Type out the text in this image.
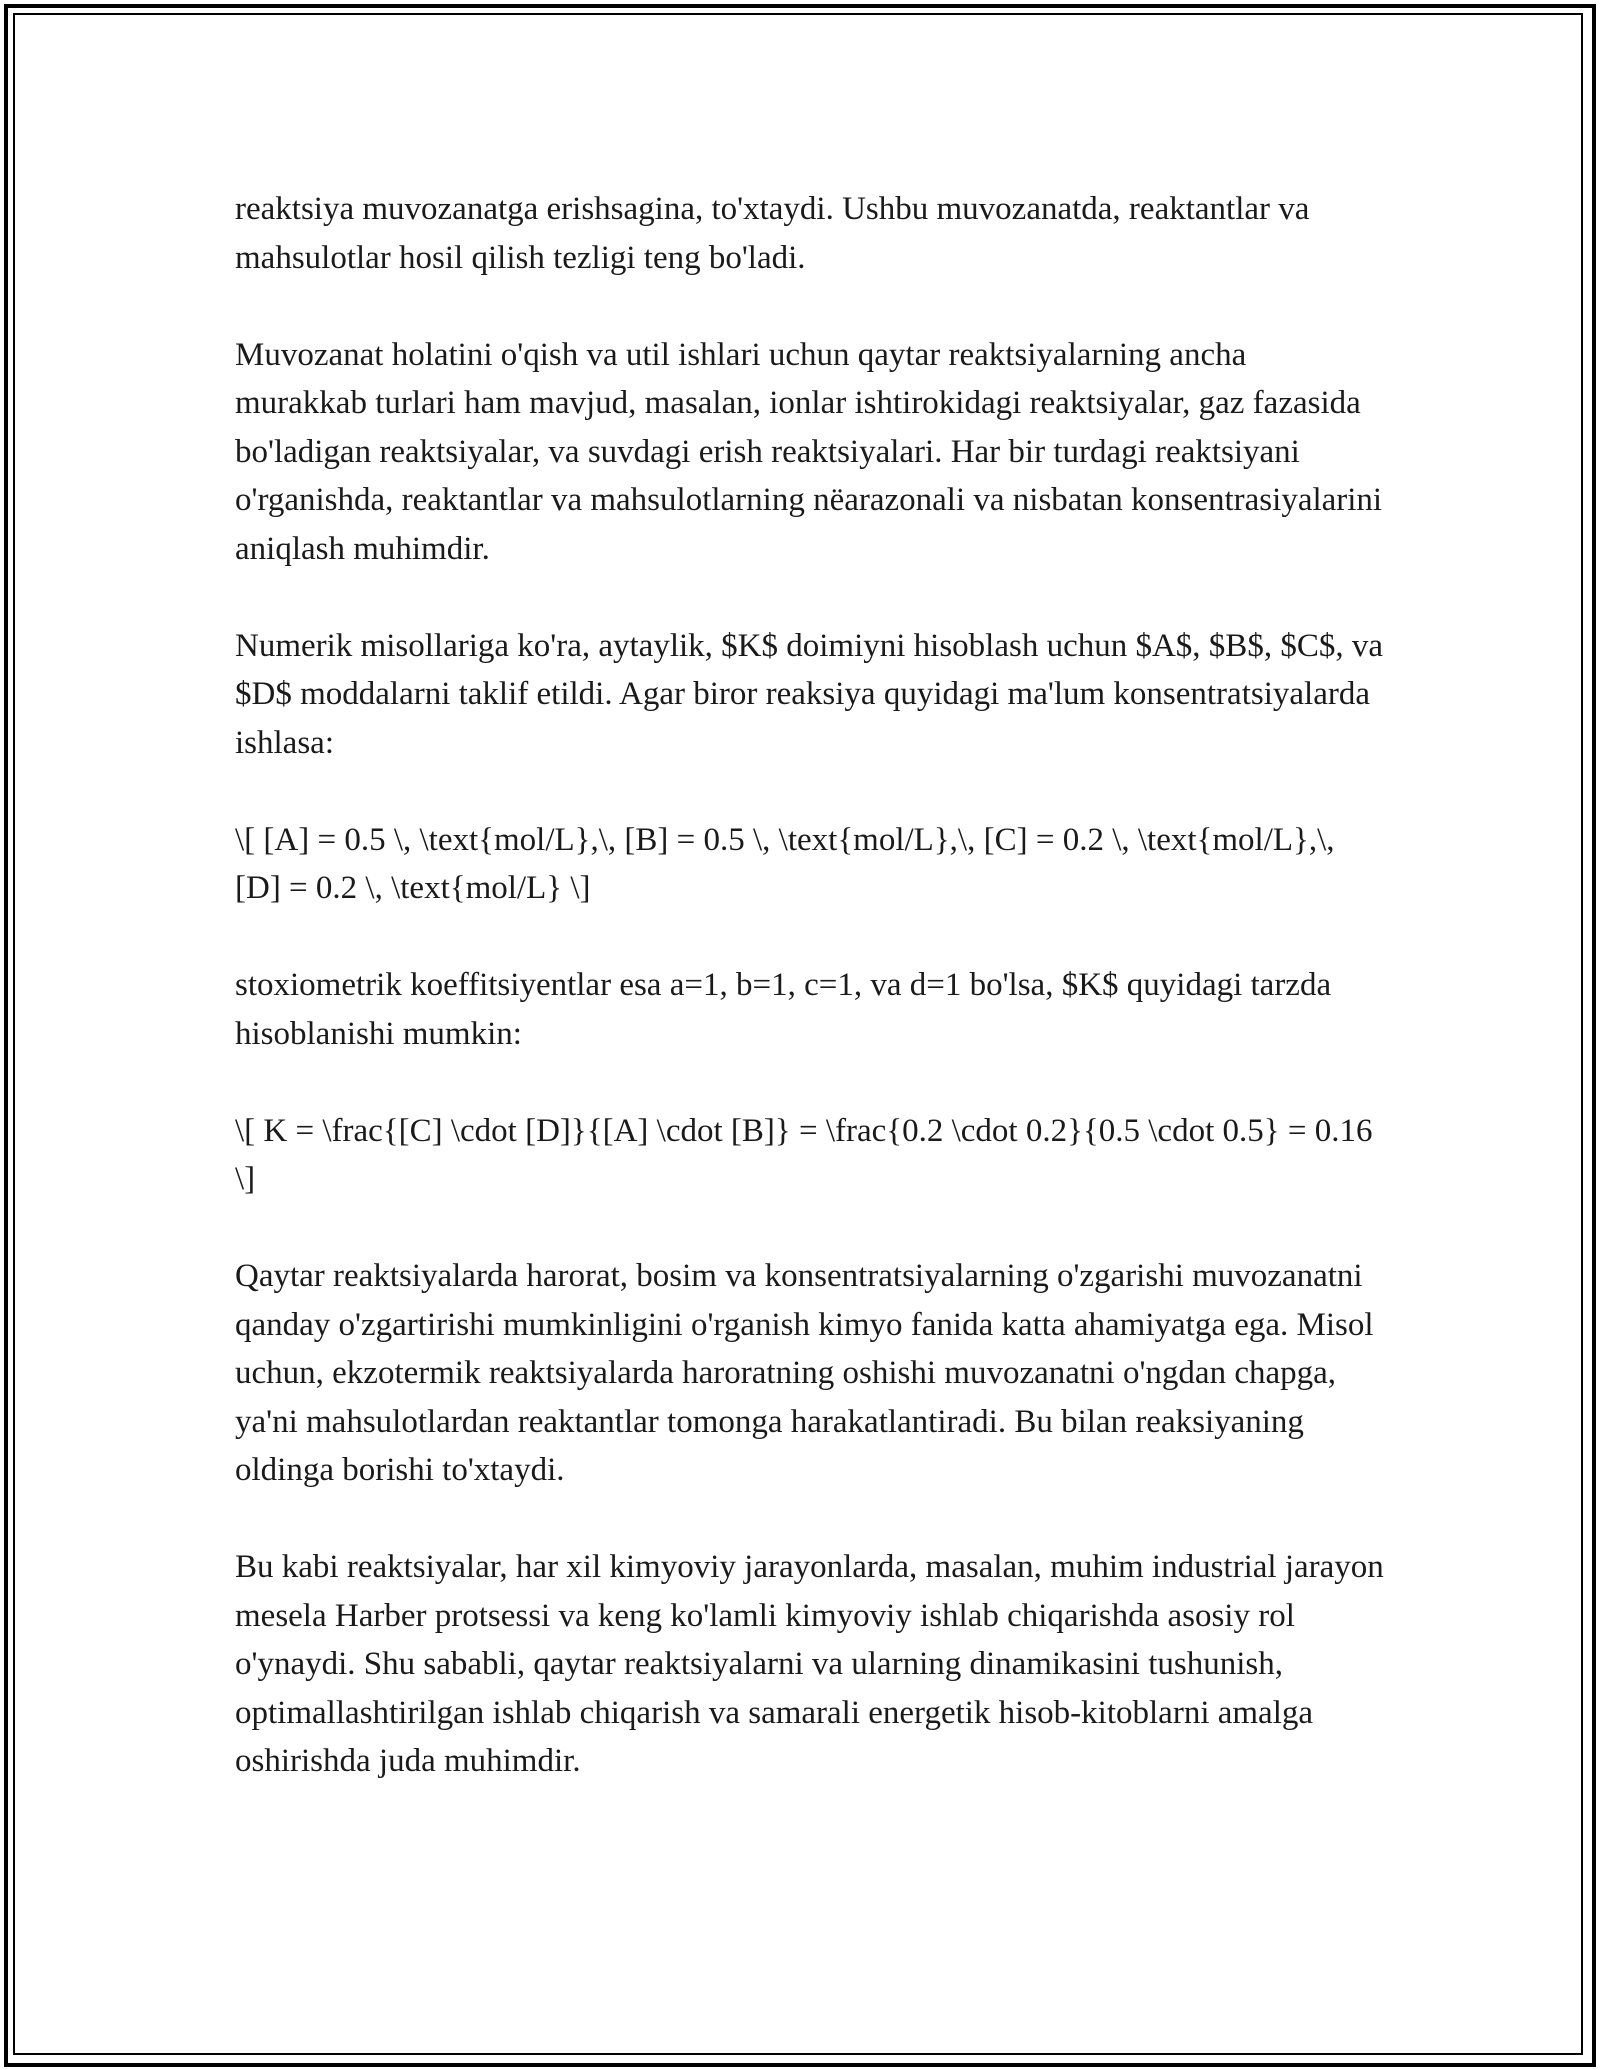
reaktsiya muvozanatga erishsagina, to'xtaydi. Ushbu muvozanatda, reaktantlar va mahsulotlar hosil qilish tezligi teng bo'ladi.

Muvozanat holatini o'qish va util ishlari uchun qaytar reaktsiyalarning ancha murakkab turlari ham mavjud, masalan, ionlar ishtirokidagi reaktsiyalar, gaz fazasida bo'ladigan reaktsiyalar, va suvdagi erish reaktsiyalari. Har bir turdagi reaktsiyani o'rganishda, reaktantlar va mahsulotlarning nëarazonali va nisbatan konsentrasiyalarini aniqlash muhimdir.

Numerik misollariga ko'ra, aytaylik, $K$ doimiyni hisoblash uchun $A$, $B$, $C$, va $D$ moddalarni taklif etildi. Agar biror reaksiya quyidagi ma'lum konsentratsiyalarda ishlasa:

\[ [A] = 0.5 \, \text{mol/L},\, [B] = 0.5 \, \text{mol/L},\, [C] = 0.2 \, \text{mol/L},\, [D] = 0.2 \, \text{mol/L} \]

stoxiometrik koeffitsiyentlar esa a=1, b=1, c=1, va d=1 bo'lsa, $K$ quyidagi tarzda hisoblanishi mumkin:

\[ K = \frac{[C] \cdot [D]}{[A] \cdot [B]} = \frac{0.2 \cdot 0.2}{0.5 \cdot 0.5} = 0.16 \]

Qaytar reaktsiyalarda harorat, bosim va konsentratsiyalarning o'zgarishi muvozanatni qanday o'zgartirishi mumkinligini o'rganish kimyo fanida katta ahamiyatga ega. Misol uchun, ekzotermik reaktsiyalarda haroratning oshishi muvozanatni o'ngdan chapga, ya'ni mahsulotlardan reaktantlar tomonga harakatlantiradi. Bu bilan reaksiyaning oldinga borishi to'xtaydi.

Bu kabi reaktsiyalar, har xil kimyoviy jarayonlarda, masalan, muhim industrial jarayon mesela Harber protsessi va keng ko'lamli kimyoviy ishlab chiqarishda asosiy rol o'ynaydi. Shu sababli, qaytar reaktsiyalarni va ularning dinamikasini tushunish, optimallashtirilgan ishlab chiqarish va samarali energetik hisob-kitoblarni amalga oshirishda juda muhimdir.
